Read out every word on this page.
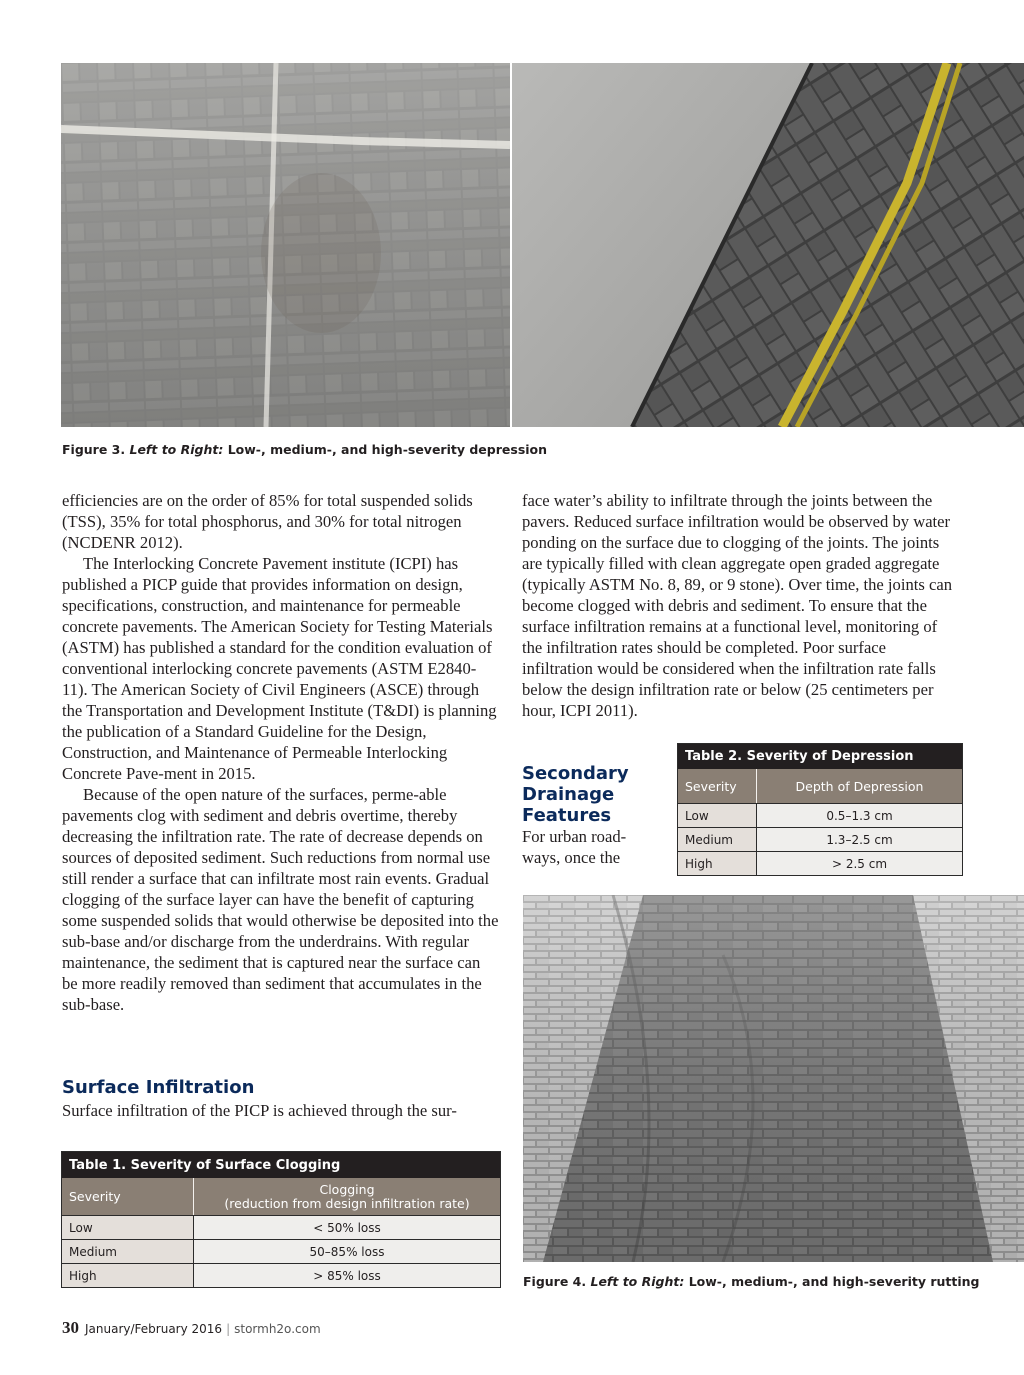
Figure 3. Left to Right: Low-, medium-, and high-severity depression

efficiencies are on the order of 85% for total suspended solids (TSS), 35% for total phosphorus, and 30% for total nitrogen (NCDENR 2012).

The Interlocking Concrete Pavement institute (ICPI) has published a PICP guide that provides information on design, specifications, construction, and maintenance for permeable concrete pavements. The American Society for Testing Materials (ASTM) has published a standard for the condition evaluation of conventional interlocking concrete pavements (ASTM E2840-11). The American Society of Civil Engineers (ASCE) through the Transportation and Development Institute (T&DI) is planning the publication of a Standard Guideline for the Design, Construction, and Maintenance of Permeable Interlocking Concrete Pave-ment in 2015.

Because of the open nature of the surfaces, perme-able pavements clog with sediment and debris overtime, thereby decreasing the infiltration rate. The rate of decrease depends on sources of deposited sediment. Such reductions from normal use still render a surface that can infiltrate most rain events. Gradual clogging of the surface layer can have the benefit of capturing some suspended solids that would otherwise be deposited into the sub-base and/or discharge from the underdrains. With regular maintenance, the sediment that is captured near the surface can be more readily removed than sediment that accumulates in the sub-base.

Surface Infiltration
Surface infiltration of the PICP is achieved through the sur-
Table 1. Severity of Surface Clogging
Severity	Clogging
(reduction from design infiltration rate)
Low	< 50% loss
Medium	50–85% loss
High	> 85% loss

face water’s ability to infiltrate through the joints between the pavers. Reduced surface infiltration would be observed by water ponding on the surface due to clogging of the joints. The joints are typically filled with clean aggregate open graded aggregate (typically ASTM No. 8, 89, or 9 stone). Over time, the joints can become clogged with debris and sediment. To ensure that the surface infiltration remains at a functional level, monitoring of the infiltration rates should be completed. Poor surface infiltration would be considered when the infiltration rate falls below the design infiltration rate or below (25 centimeters per hour, ICPI 2011).

Secondary Drainage Features
For urban road-ways, once the
Table 2. Severity of Depression
Severity	Depth of Depression
Low	0.5–1.3 cm
Medium	1.3–2.5 cm
High	> 2.5 cm
Figure 4. Left to Right: Low-, medium-, and high-severity rutting
30 January/February 2016 | stormh2o.com
